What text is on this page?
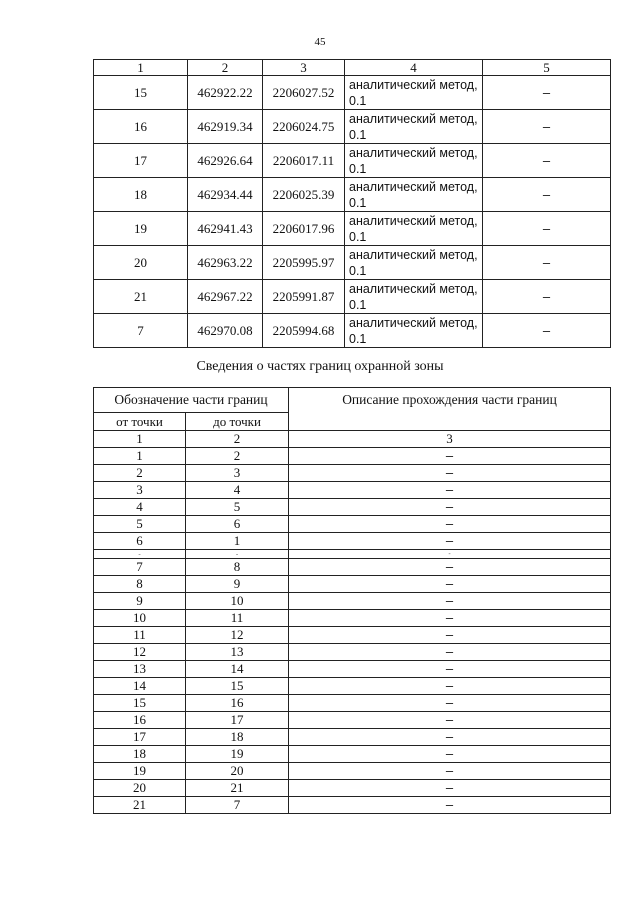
45
1	2	3	4	5
15	462922.22	2206027.52	аналитический метод, 0.1	–
16	462919.34	2206024.75	аналитический метод, 0.1	–
17	462926.64	2206017.11	аналитический метод, 0.1	–
18	462934.44	2206025.39	аналитический метод, 0.1	–
19	462941.43	2206017.96	аналитический метод, 0.1	–
20	462963.22	2205995.97	аналитический метод, 0.1	–
21	462967.22	2205991.87	аналитический метод, 0.1	–
7	462970.08	2205994.68	аналитический метод, 0.1	–
Сведения о частях границ охранной зоны
Обозначение части границ		Описание прохождения части границ
от точки	до точки	
1	2	3
1	2	–
2	3	–
3	4	–
4	5	–
5	6	–
6	1	–
-	-	-
7	8	–
8	9	–
9	10	–
10	11	–
11	12	–
12	13	–
13	14	–
14	15	–
15	16	–
16	17	–
17	18	–
18	19	–
19	20	–
20	21	–
21	7	–
